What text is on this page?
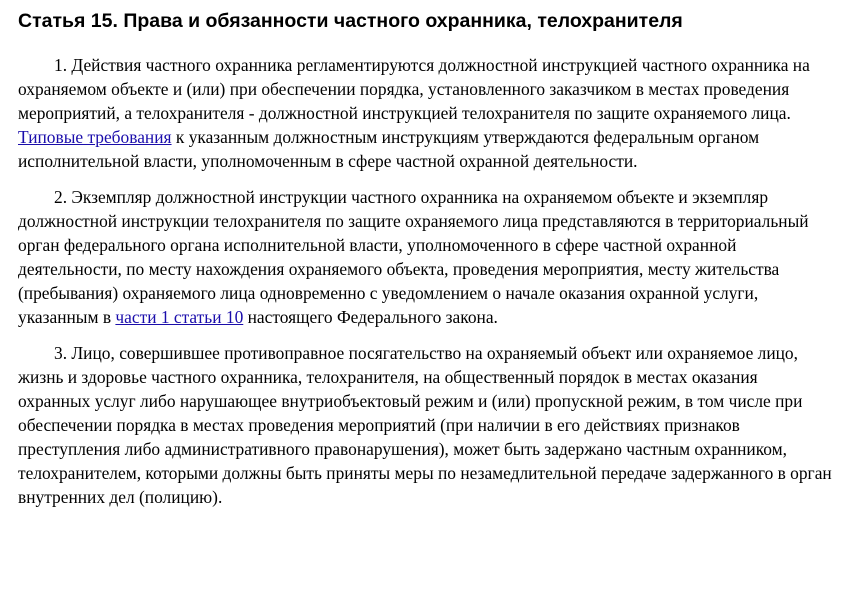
Статья 15. Права и обязанности частного охранника, телохранителя

1. Действия частного охранника регламентируются должностной инструкцией частного охранника на охраняемом объекте и (или) при обеспечении порядка, установленного заказчиком в местах проведения мероприятий, а телохранителя - должностной инструкцией телохранителя по защите охраняемого лица. Типовые требования к указанным должностным инструкциям утверждаются федеральным органом исполнительной власти, уполномоченным в сфере частной охранной деятельности.

2. Экземпляр должностной инструкции частного охранника на охраняемом объекте и экземпляр должностной инструкции телохранителя по защите охраняемого лица представляются в территориальный орган федерального органа исполнительной власти, уполномоченного в сфере частной охранной деятельности, по месту нахождения охраняемого объекта, проведения мероприятия, месту жительства (пребывания) охраняемого лица одновременно с уведомлением о начале оказания охранной услуги, указанным в части 1 статьи 10 настоящего Федерального закона.

3. Лицо, совершившее противоправное посягательство на охраняемый объект или охраняемое лицо, жизнь и здоровье частного охранника, телохранителя, на общественный порядок в местах оказания охранных услуг либо нарушающее внутриобъектовый режим и (или) пропускной режим, в том числе при обеспечении порядка в местах проведения мероприятий (при наличии в его действиях признаков преступления либо административного правонарушения), может быть задержано частным охранником, телохранителем, которыми должны быть приняты меры по незамедлительной передаче задержанного в орган внутренних дел (полицию).
